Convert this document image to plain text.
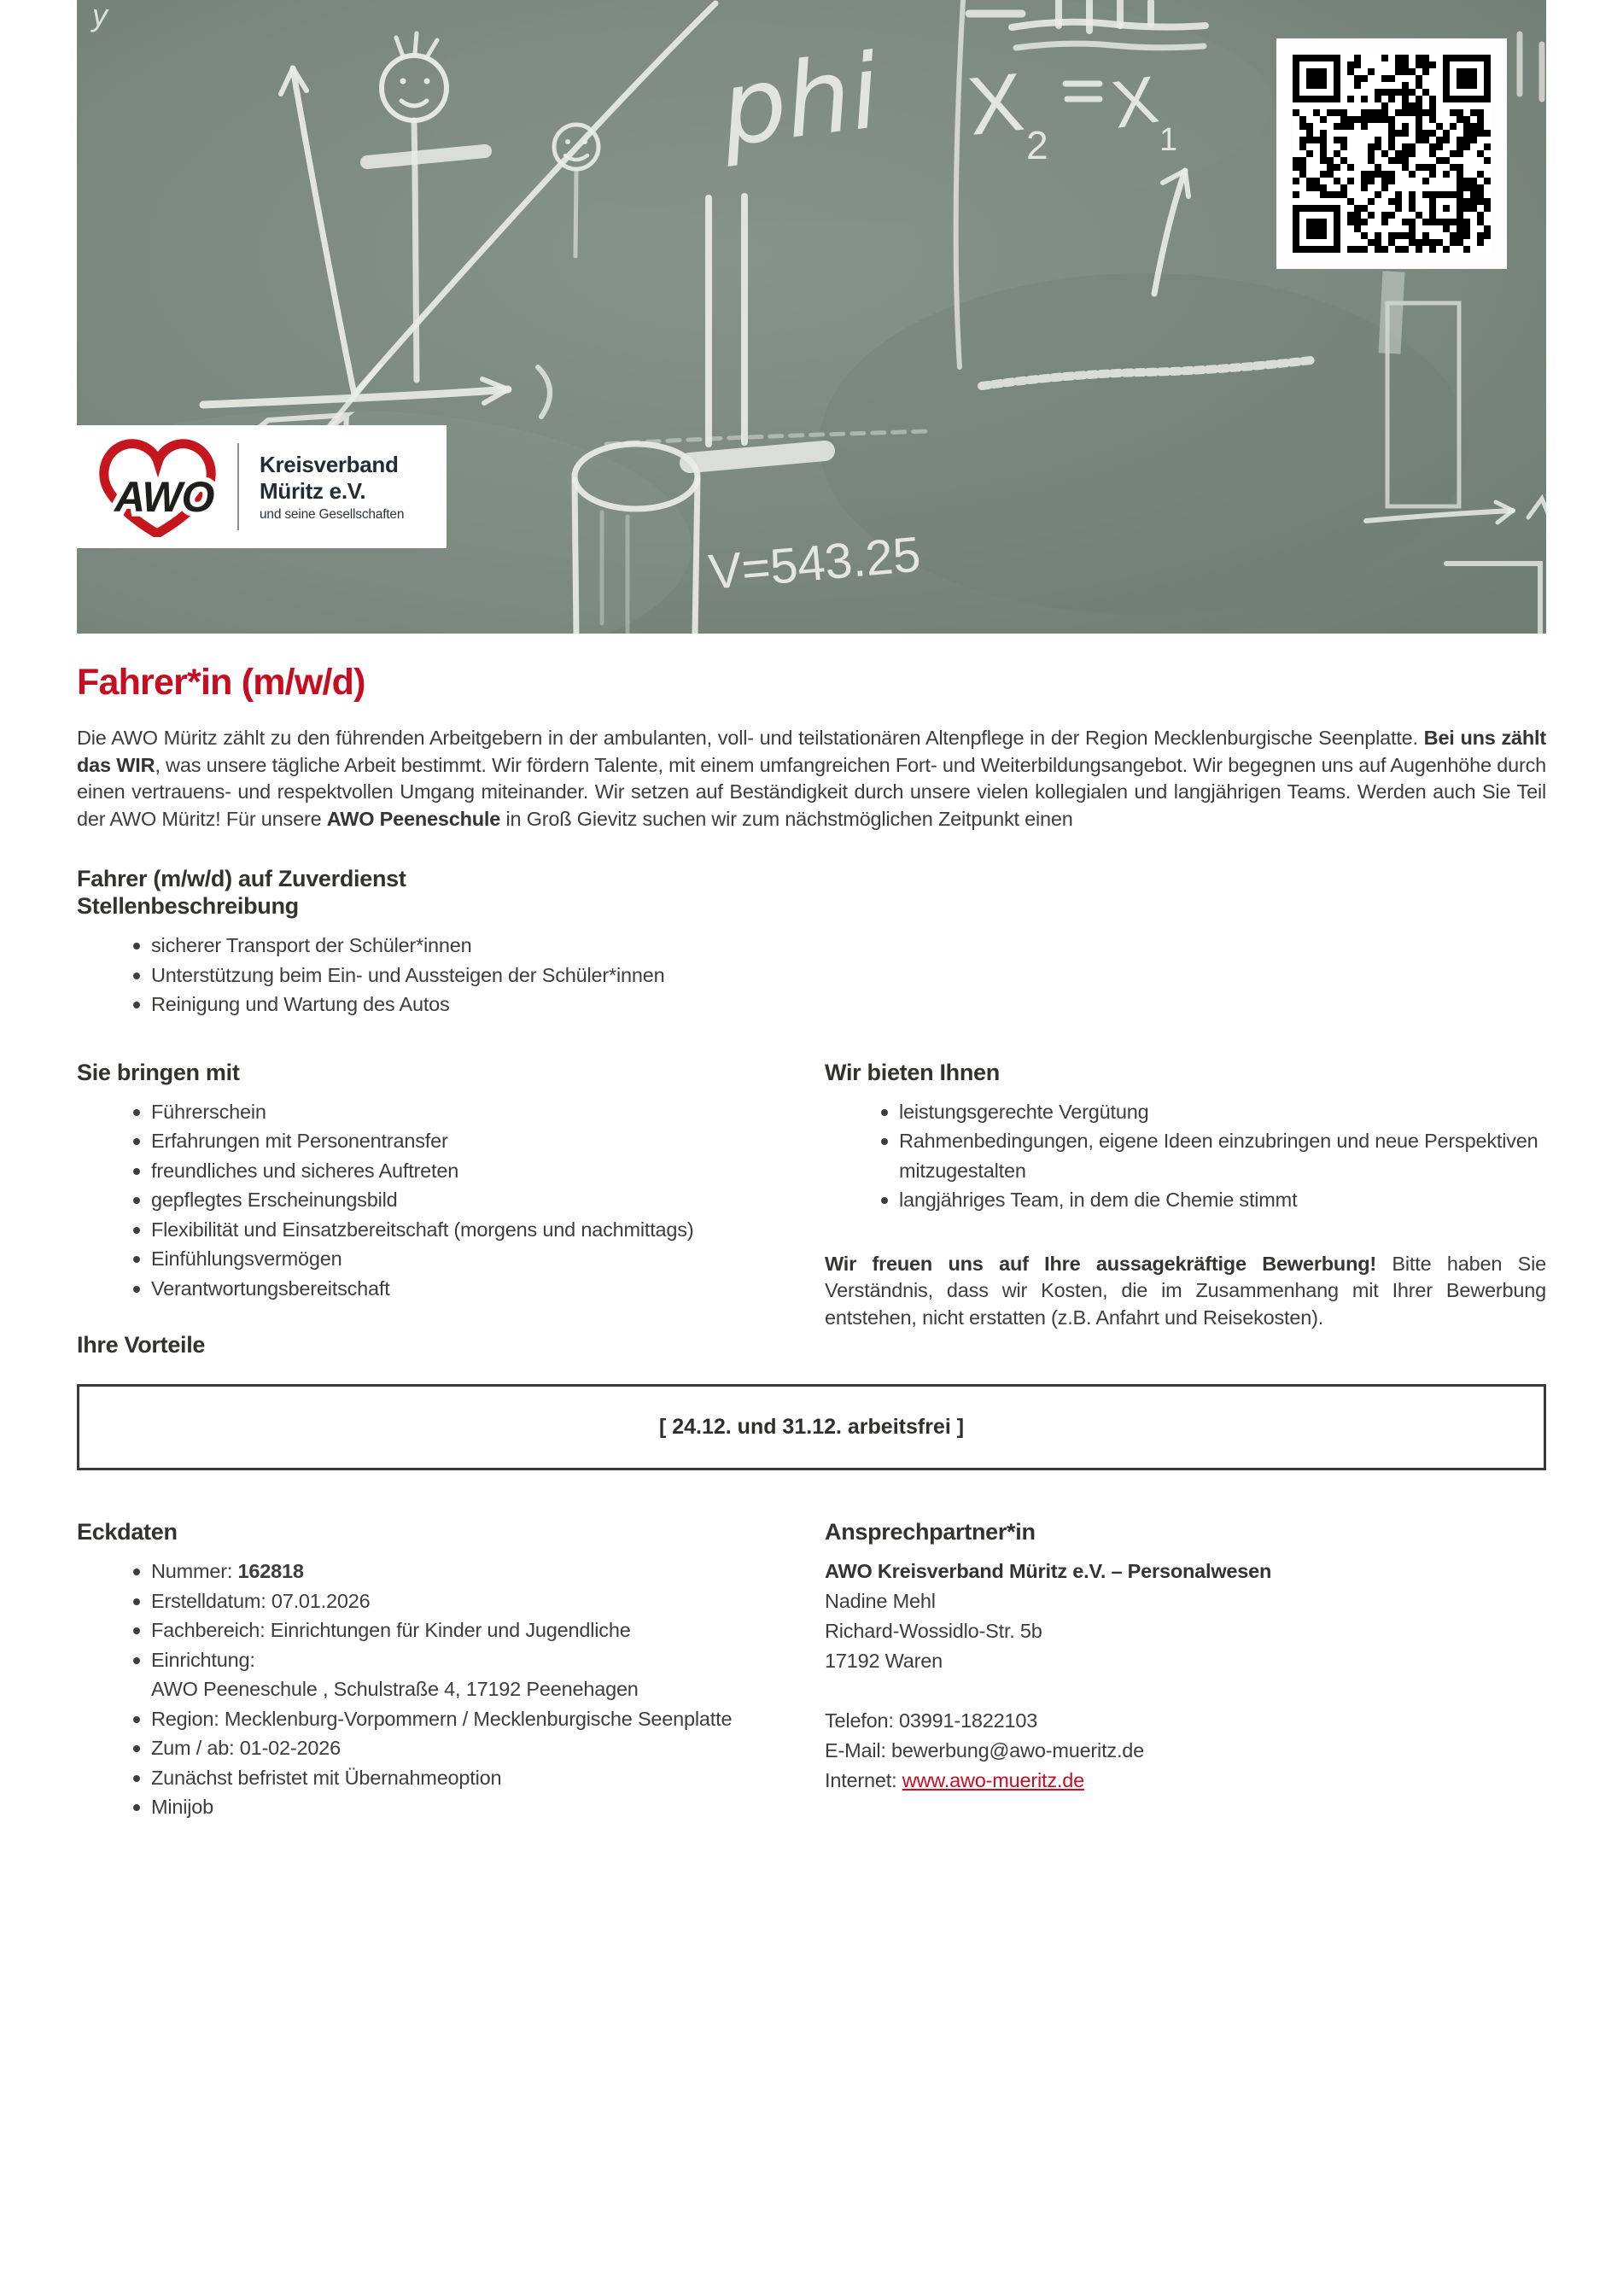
y
phi X
2
X
1
V=543.25
AWO
Kreisverband
Müritz e.V.
und seine Gesellschaften
Fahrer*in (m/w/d)

Die AWO Müritz zählt zu den führenden Arbeitgebern in der ambulanten, voll- und teilstationären Altenpflege in der Region Mecklenburgische Seenplatte. Bei uns zählt das WIR, was unsere tägliche Arbeit bestimmt. Wir fördern Talente, mit einem umfangreichen Fort- und Weiterbildungsangebot. Wir begegnen uns auf Augenhöhe durch einen vertrauens- und respektvollen Umgang miteinander. Wir setzen auf Beständigkeit durch unsere vielen kollegialen und langjährigen Teams. Werden auch Sie Teil der AWO Müritz! Für unsere AWO Peeneschule in Groß Gievitz suchen wir zum nächstmöglichen Zeitpunkt einen

Fahrer (m/w/d) auf Zuverdienst
Stellenbeschreibung
sicherer Transport der Schüler*innen
Unterstützung beim Ein- und Aussteigen der Schüler*innen
Reinigung und Wartung des Autos
Sie bringen mit
Führerschein
Erfahrungen mit Personentransfer
freundliches und sicheres Auftreten
gepflegtes Erscheinungsbild
Flexibilität und Einsatzbereitschaft (morgens und nachmittags)
Einfühlungsvermögen
Verantwortungsbereitschaft
Wir bieten Ihnen
leistungsgerechte Vergütung
Rahmenbedingungen, eigene Ideen einzubringen und neue Perspektiven mitzugestalten
langjähriges Team, in dem die Chemie stimmt

Wir freuen uns auf Ihre aussagekräftige Bewerbung! Bitte haben Sie Verständnis, dass wir Kosten, die im Zusammenhang mit Ihrer Bewerbung entstehen, nicht erstatten (z.B. Anfahrt und Reisekosten).

Ihre Vorteile
[ 24.12. und 31.12. arbeitsfrei ]
Eckdaten
Nummer: 162818
Erstelldatum: 07.01.2026
Fachbereich: Einrichtungen für Kinder und Jugendliche
Einrichtung:
AWO Peeneschule , Schulstraße 4, 17192 Peenehagen
Region: Mecklenburg-Vorpommern / Mecklenburgische Seenplatte
Zum / ab: 01-02-2026
Zunächst befristet mit Übernahmeoption
Minijob
Ansprechpartner*in
AWO Kreisverband Müritz e.V. – Personalwesen
Nadine Mehl
Richard-Wossidlo-Str. 5b
17192 Waren
Telefon: 03991-1822103
E-Mail: bewerbung@awo-mueritz.de
Internet: www.awo-mueritz.de
